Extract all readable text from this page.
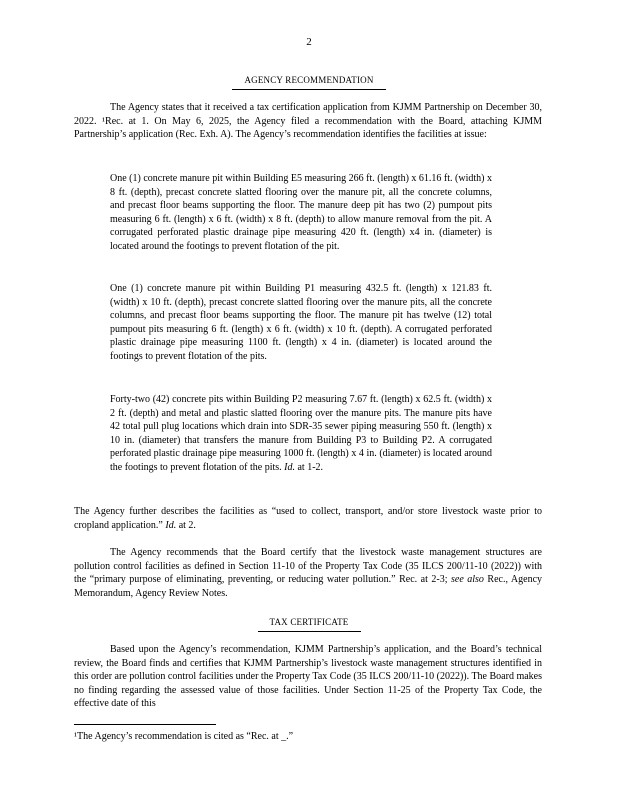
2
AGENCY RECOMMENDATION

The Agency states that it received a tax certification application from KJMM Partnership on December 30, 2022. ¹Rec. at 1. On May 6, 2025, the Agency filed a recommendation with the Board, attaching KJMM Partnership’s application (Rec. Exh. A). The Agency’s recommendation identifies the facilities at issue:

One (1) concrete manure pit within Building E5 measuring 266 ft. (length) x 61.16 ft. (width) x 8 ft. (depth), precast concrete slatted flooring over the manure pit, all the concrete columns, and precast floor beams supporting the floor. The manure deep pit has two (2) pumpout pits measuring 6 ft. (length) x 6 ft. (width) x 8 ft. (depth) to allow manure removal from the pit. A corrugated perforated plastic drainage pipe measuring 420 ft. (length) x4 in. (diameter) is located around the footings to prevent flotation of the pit.

One (1) concrete manure pit within Building P1 measuring 432.5 ft. (length) x 121.83 ft. (width) x 10 ft. (depth), precast concrete slatted flooring over the manure pits, all the concrete columns, and precast floor beams supporting the floor. The manure pit has twelve (12) total pumpout pits measuring 6 ft. (length) x 6 ft. (width) x 10 ft. (depth). A corrugated perforated plastic drainage pipe measuring 1100 ft. (length) x 4 in. (diameter) is located around the footings to prevent flotation of the pits.

Forty-two (42) concrete pits within Building P2 measuring 7.67 ft. (length) x 62.5 ft. (width) x 2 ft. (depth) and metal and plastic slatted flooring over the manure pits. The manure pits have 42 total pull plug locations which drain into SDR-35 sewer piping measuring 550 ft. (length) x 10 in. (diameter) that transfers the manure from Building P3 to Building P2. A corrugated perforated plastic drainage pipe measuring 1000 ft. (length) x 4 in. (diameter) is located around the footings to prevent flotation of the pits. Id. at 1-2.

The Agency further describes the facilities as “used to collect, transport, and/or store livestock waste prior to cropland application.” Id. at 2.

The Agency recommends that the Board certify that the livestock waste management structures are pollution control facilities as defined in Section 11-10 of the Property Tax Code (35 ILCS 200/11-10 (2022)) with the “primary purpose of eliminating, preventing, or reducing water pollution.” Rec. at 2-3; see also Rec., Agency Memorandum, Agency Review Notes.

TAX CERTIFICATE

Based upon the Agency’s recommendation, KJMM Partnership’s application, and the Board’s technical review, the Board finds and certifies that KJMM Partnership’s livestock waste management structures identified in this order are pollution control facilities under the Property Tax Code (35 ILCS 200/11-10 (2022)). The Board makes no finding regarding the assessed value of those facilities. Under Section 11-25 of the Property Tax Code, the effective date of this

¹The Agency’s recommendation is cited as “Rec. at _.”
